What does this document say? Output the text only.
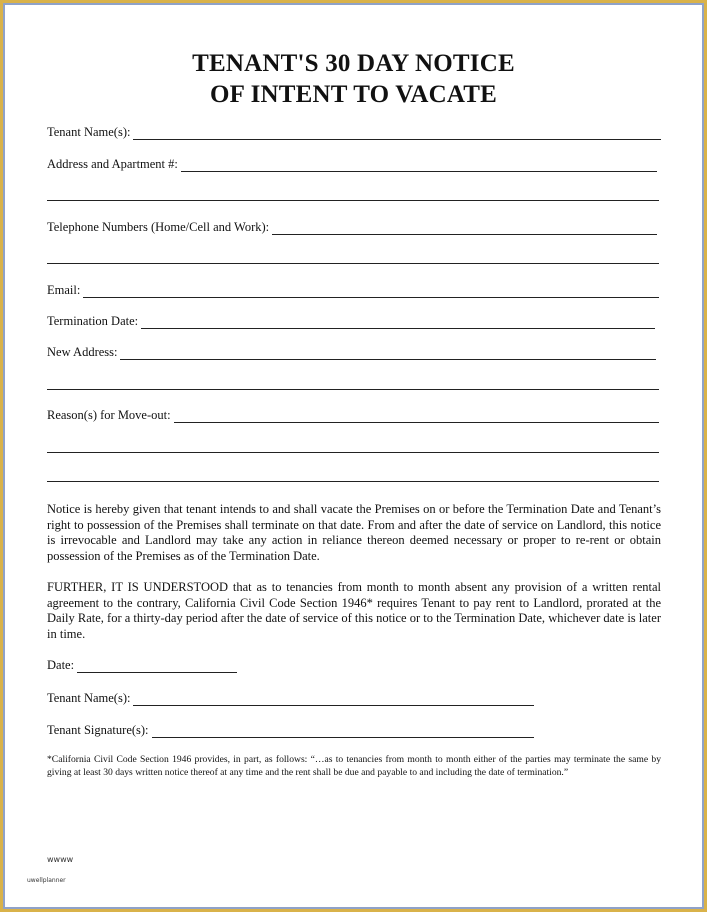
TENANT'S 30 DAY NOTICE
OF INTENT TO VACATE
Tenant Name(s):
Address and Apartment #:
Telephone Numbers (Home/Cell and Work):
Email:
Termination Date:
New Address:
Reason(s) for Move-out:

Notice is hereby given that tenant intends to and shall vacate the Premises on or before the Termination Date and Tenant’s right to possession of the Premises shall terminate on that date. From and after the date of service on Landlord, this notice is irrevocable and Landlord may take any action in reliance thereon deemed necessary or proper to re-rent or obtain possession of the Premises as of the Termination Date.

FURTHER, IT IS UNDERSTOOD that as to tenancies from month to month absent any provision of a written rental agreement to the contrary, California Civil Code Section 1946* requires Tenant to pay rent to Landlord, prorated at the Daily Rate, for a thirty-day period after the date of service of this notice or to the Termination Date, whichever date is later in time.

Date:
Tenant Name(s):
Tenant Signature(s):

*California Civil Code Section 1946 provides, in part, as follows: “…as to tenancies from month to month either of the parties may terminate the same by giving at least 30 days written notice thereof at any time and the rent shall be due and payable to and including the date of termination.”

wwww
uwellplanner
